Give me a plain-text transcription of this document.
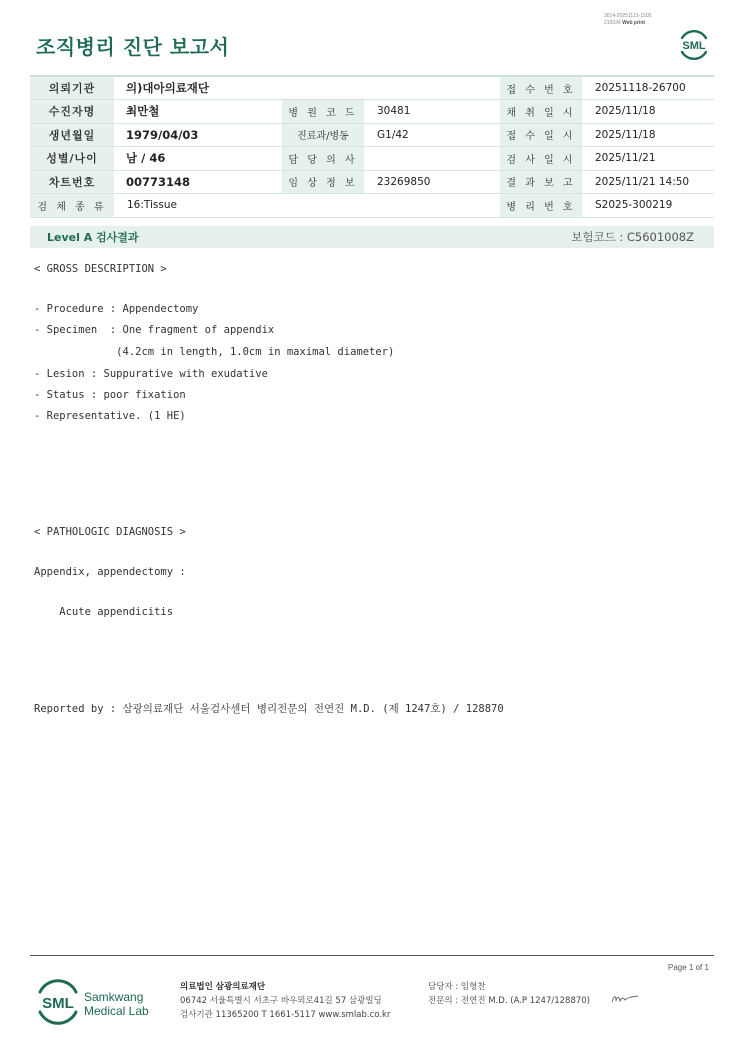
3014-20251121-1505
210034 Web print
조직병리 진단 보고서	SML
의뢰기관	의)대아의료재단			접 수 번 호	20251118-26700
수진자명	최만철	병 원 코 드	30481	채 취 일 시	2025/11/18
생년월일	1979/04/03	진료과/병동	G1/42	접 수 일 시	2025/11/18
성별/나이	남 / 46	담 당 의 사		검 사 일 시	2025/11/21
차트번호	00773148	임 상 정 보	23269850	결 과 보 고	2025/11/21 14:50
검 체 종 류	16:Tissue			병 리 번 호	S2025-300219
Level A 검사결과	보험코드 : C5601008Z
< GROSS DESCRIPTION >
- Procedure : Appendectomy
- Specimen  : One fragment of appendix
(4.2cm in length, 1.0cm in maximal diameter)
- Lesion : Suppurative with exudative
- Status : poor fixation
- Representative. (1 HE)
< PATHOLOGIC DIAGNOSIS >
Appendix, appendectomy :
Acute appendicitis
Reported by : 삼광의료재단 서울검사센터 병리전문의 전연진 M.D. (제 1247호) / 128870
Page 1 of 1
SML Samkwang
Medical Lab
의료법인 삼광의료재단
06742 서울특별시 서초구 바우뫼로41길 57 삼광빌딩
검사기관 11365200 T 1661-5117 www.smlab.co.kr
담당자 : 임형찬
전문의 : 전연진 M.D. (A.P 1247/128870)
